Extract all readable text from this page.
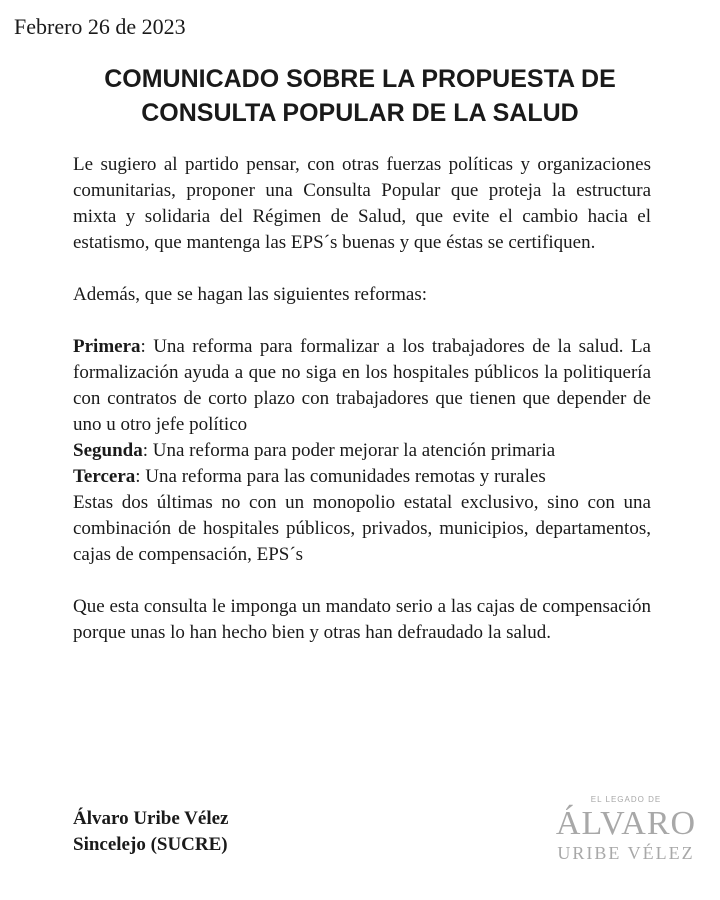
Febrero 26 de 2023
COMUNICADO SOBRE LA PROPUESTA DE
CONSULTA POPULAR DE LA SALUD

Le sugiero al partido pensar, con otras fuerzas políticas y organizaciones comunitarias, proponer una Consulta Popular que proteja la estructura mixta y solidaria del Régimen de Salud, que evite el cambio hacia el estatismo, que mantenga las EPS´s buenas y que éstas se certifiquen.

Además, que se hagan las siguientes reformas:

Primera: Una reforma para formalizar a los trabajadores de la salud. La formalización ayuda a que no siga en los hospitales públicos la politiquería con contratos de corto plazo con trabajadores que tienen que depender de uno u otro jefe político

Segunda: Una reforma para poder mejorar la atención primaria

Tercera: Una reforma para las comunidades remotas y rurales

Estas dos últimas no con un monopolio estatal exclusivo, sino con una combinación de hospitales públicos, privados, municipios, departamentos, cajas de compensación, EPS´s

Que esta consulta le imponga un mandato serio a las cajas de compensación porque unas lo han hecho bien y otras han defraudado la salud.

Álvaro Uribe Vélez
Sincelejo (SUCRE)
EL LEGADO DE
ÁLVARO
URIBE VÉLEZ
